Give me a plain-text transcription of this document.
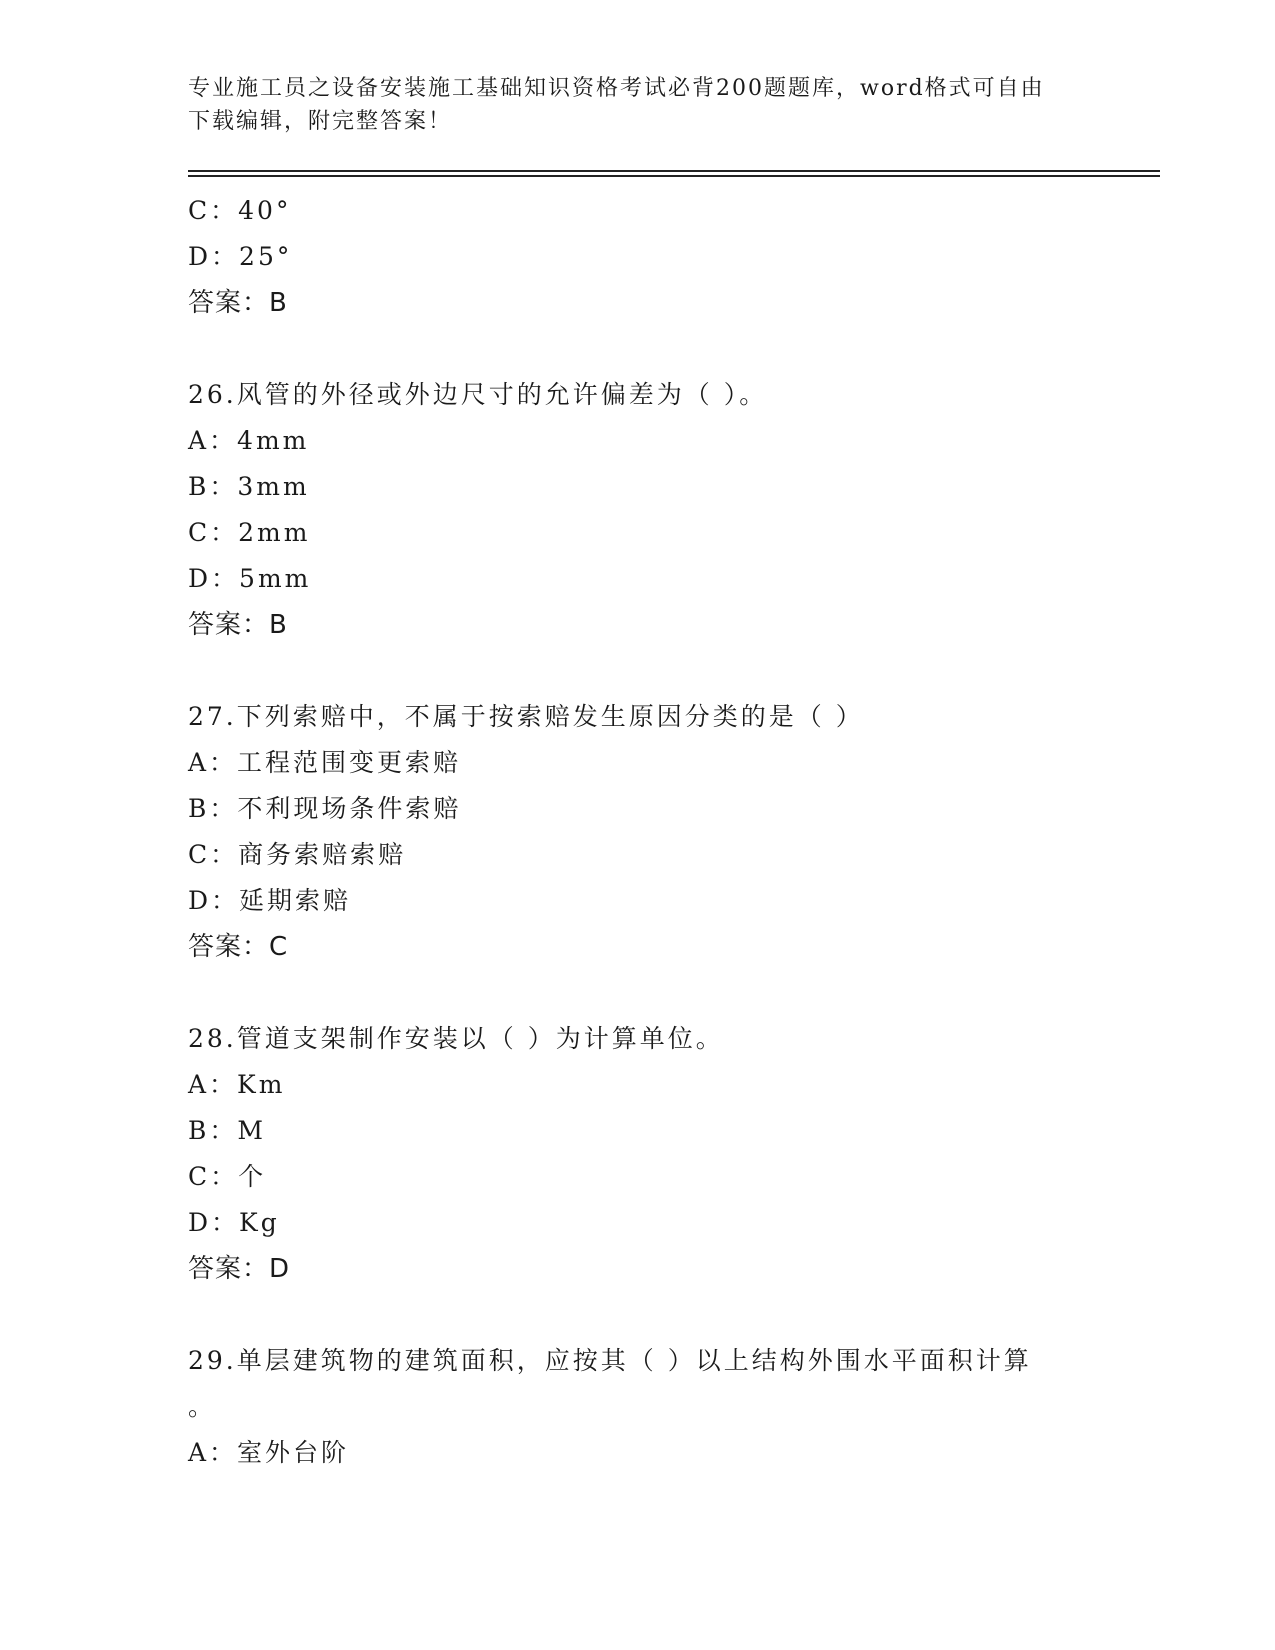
专业施工员之设备安装施工基础知识资格考试必背200题题库，word格式可自由
下载编辑，附完整答案！
C：40°
D：25°
答案：B
26.风管的外径或外边尺寸的允许偏差为（ ）。
A：4mm
B：3mm
C：2mm
D：5mm
答案：B
27.下列索赔中，不属于按索赔发生原因分类的是（ ）
A：工程范围变更索赔
B：不利现场条件索赔
C：商务索赔索赔
D：延期索赔
答案：C
28.管道支架制作安装以（ ）为计算单位。
A：Km
B：M
C：个
D：Kg
答案：D
29.单层建筑物的建筑面积，应按其（ ）以上结构外围水平面积计算
。
A：室外台阶
